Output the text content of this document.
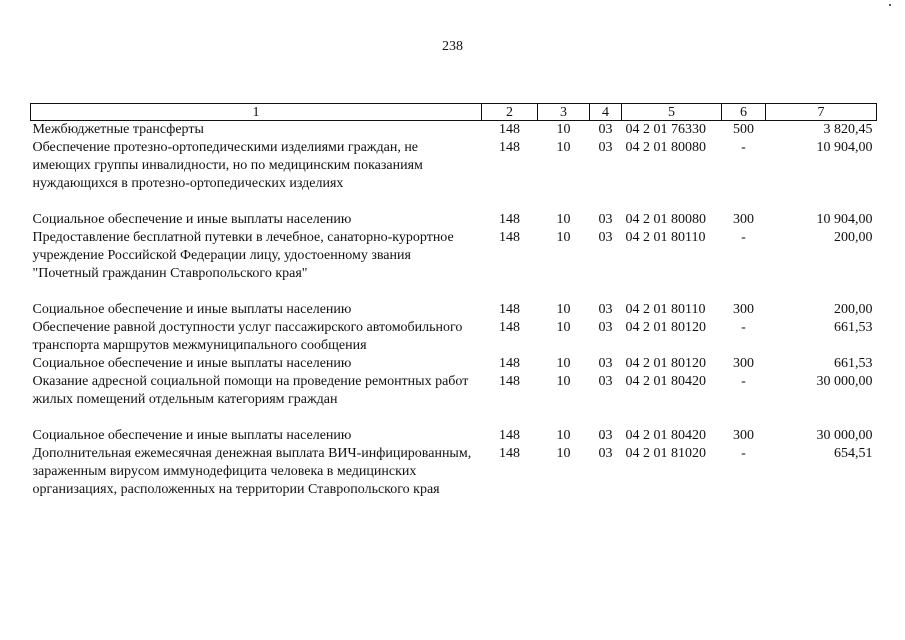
238
1	2	3	4	5	6	7
Межбюджетные трансферты	148	10	03	04 2 01 76330	500	3 820,45
Обеспечение протезно-ортопедическими изделиями граждан, не имеющих группы инвалидности, но по медицинским показаниям нуждающихся в протезно-ортопедических изделиях	148	10	03	04 2 01 80080	-	10 904,00

Социальное обеспечение и иные выплаты населению	148	10	03	04 2 01 80080	300	10 904,00
Предоставление бесплатной путевки в лечебное, санаторно-курортное учреждение Российской Федерации лицу, удостоенному звания "Почетный гражданин Ставропольского края"	148	10	03	04 2 01 80110	-	200,00

Социальное обеспечение и иные выплаты населению	148	10	03	04 2 01 80110	300	200,00
Обеспечение равной доступности услуг пассажирского автомобильного транспорта маршрутов межмуниципального сообщения	148	10	03	04 2 01 80120	-	661,53
Социальное обеспечение и иные выплаты населению	148	10	03	04 2 01 80120	300	661,53
Оказание адресной социальной помощи на проведение ремонтных работ жилых помещений отдельным категориям граждан	148	10	03	04 2 01 80420	-	30 000,00

Социальное обеспечение и иные выплаты населению	148	10	03	04 2 01 80420	300	30 000,00
Дополнительная ежемесячная денежная выплата ВИЧ-инфицированным, зараженным вирусом иммунодефицита человека в медицинских организациях, расположенных на территории Ставропольского края	148	10	03	04 2 01 81020	-	654,51
